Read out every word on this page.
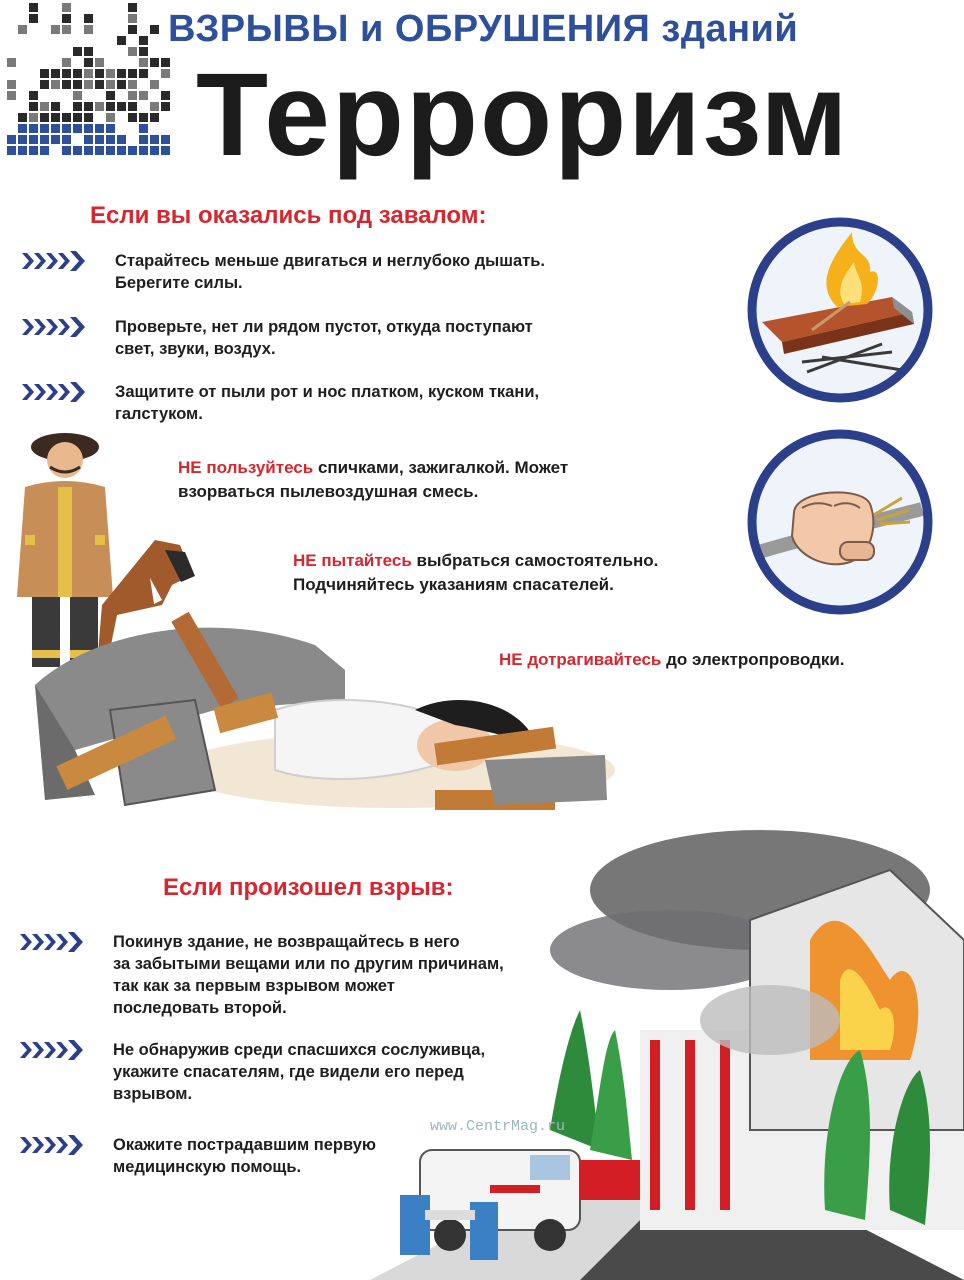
ВЗРЫВЫ и ОБРУШЕНИЯ зданий
Терроризм
Если вы оказались под завалом:
Старайтесь меньше двигаться и неглубоко дышать.
Берегите силы.
Проверьте, нет ли рядом пустот, откуда поступают
свет, звуки, воздух.
Защитите от пыли рот и нос платком, куском ткани,
галстуком.
НЕ пользуйтесь спичками, зажигалкой. Может
взорваться пылевоздушная смесь.
НЕ пытайтесь выбраться самостоятельно.
Подчиняйтесь указаниям спасателей.
НЕ дотрагивайтесь до электропроводки.
Если произошел взрыв:
Покинув здание, не возвращайтесь в него
за забытыми вещами или по другим причинам,
так как за первым взрывом может
последовать второй.
Не обнаружив среди спасшихся сослуживца,
укажите спасателям, где видели его перед
взрывом.
Окажите пострадавшим первую
медицинскую помощь.
www.CentrMag.ru
